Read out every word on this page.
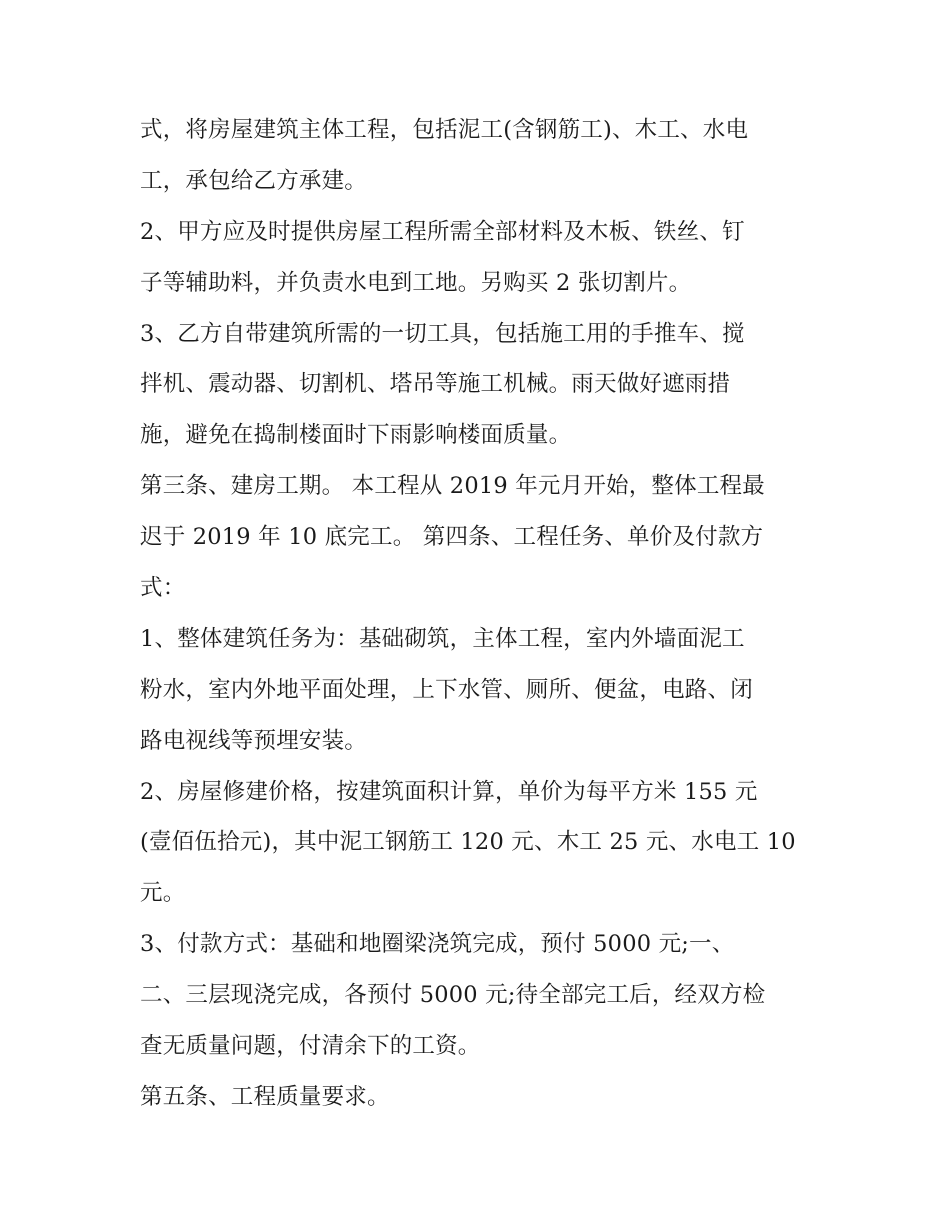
式，将房屋建筑主体工程，包括泥工(含钢筋工)、木工、水电
工，承包给乙方承建。
2、甲方应及时提供房屋工程所需全部材料及木板、铁丝、钉
子等辅助料，并负责水电到工地。另购买 2 张切割片。
3、乙方自带建筑所需的一切工具，包括施工用的手推车、搅
拌机、震动器、切割机、塔吊等施工机械。雨天做好遮雨措
施，避免在捣制楼面时下雨影响楼面质量。
第三条、建房工期。 本工程从 2019 年元月开始，整体工程最
迟于 2019 年 10 底完工。 第四条、工程任务、单价及付款方
式：
1、整体建筑任务为：基础砌筑，主体工程，室内外墙面泥工
粉水，室内外地平面处理，上下水管、厕所、便盆，电路、闭
路电视线等预埋安装。
2、房屋修建价格，按建筑面积计算，单价为每平方米 155 元
(壹佰伍拾元)，其中泥工钢筋工 120 元、木工 25 元、水电工 10
元。
3、付款方式：基础和地圈梁浇筑完成，预付 5000 元;一、
二、三层现浇完成，各预付 5000 元;待全部完工后，经双方检
查无质量问题，付清余下的工资。
第五条、工程质量要求。
